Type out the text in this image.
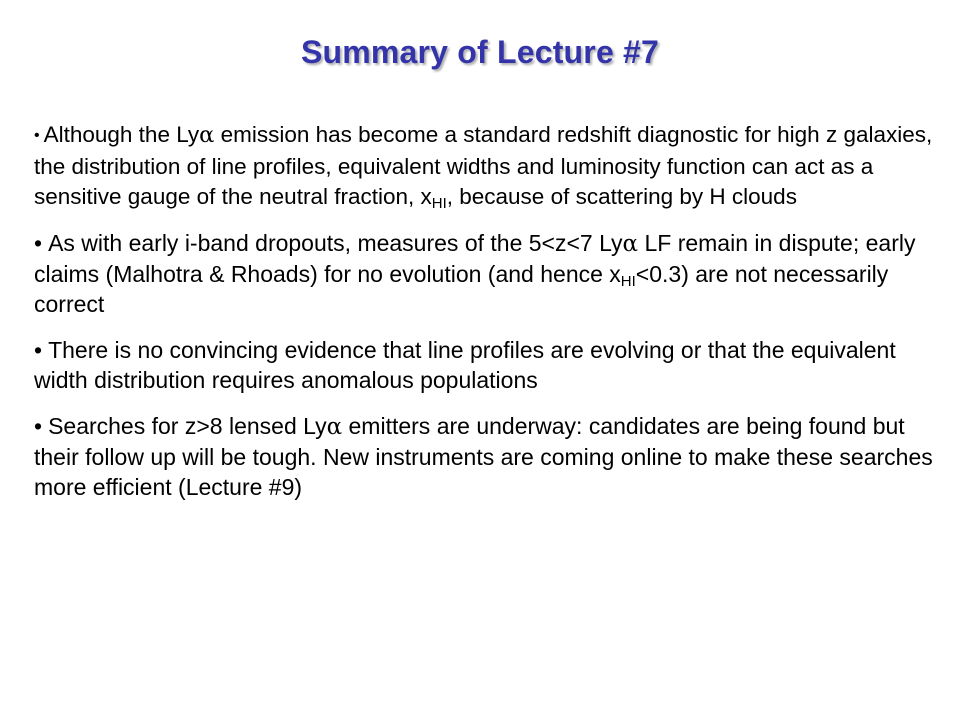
Summary of Lecture #7
• Although the Lyα emission has become a standard redshift diagnostic for high z galaxies, the distribution of line profiles, equivalent widths and luminosity function can act as a sensitive gauge of the neutral fraction, $x_{HI}$, because of scattering by H clouds
• As with early i-band dropouts, measures of the 5<z<7 Lyα LF remain in dispute; early claims (Malhotra & Rhoads) for no evolution (and hence $x_{HI}<0.3$) are not necessarily correct
• There is no convincing evidence that line profiles are evolving or that the equivalent width distribution requires anomalous populations
• Searches for z>8 lensed Lyα emitters are underway: candidates are being found but their follow up will be tough. New instruments are coming online to make these searches more efficient (Lecture #9)
